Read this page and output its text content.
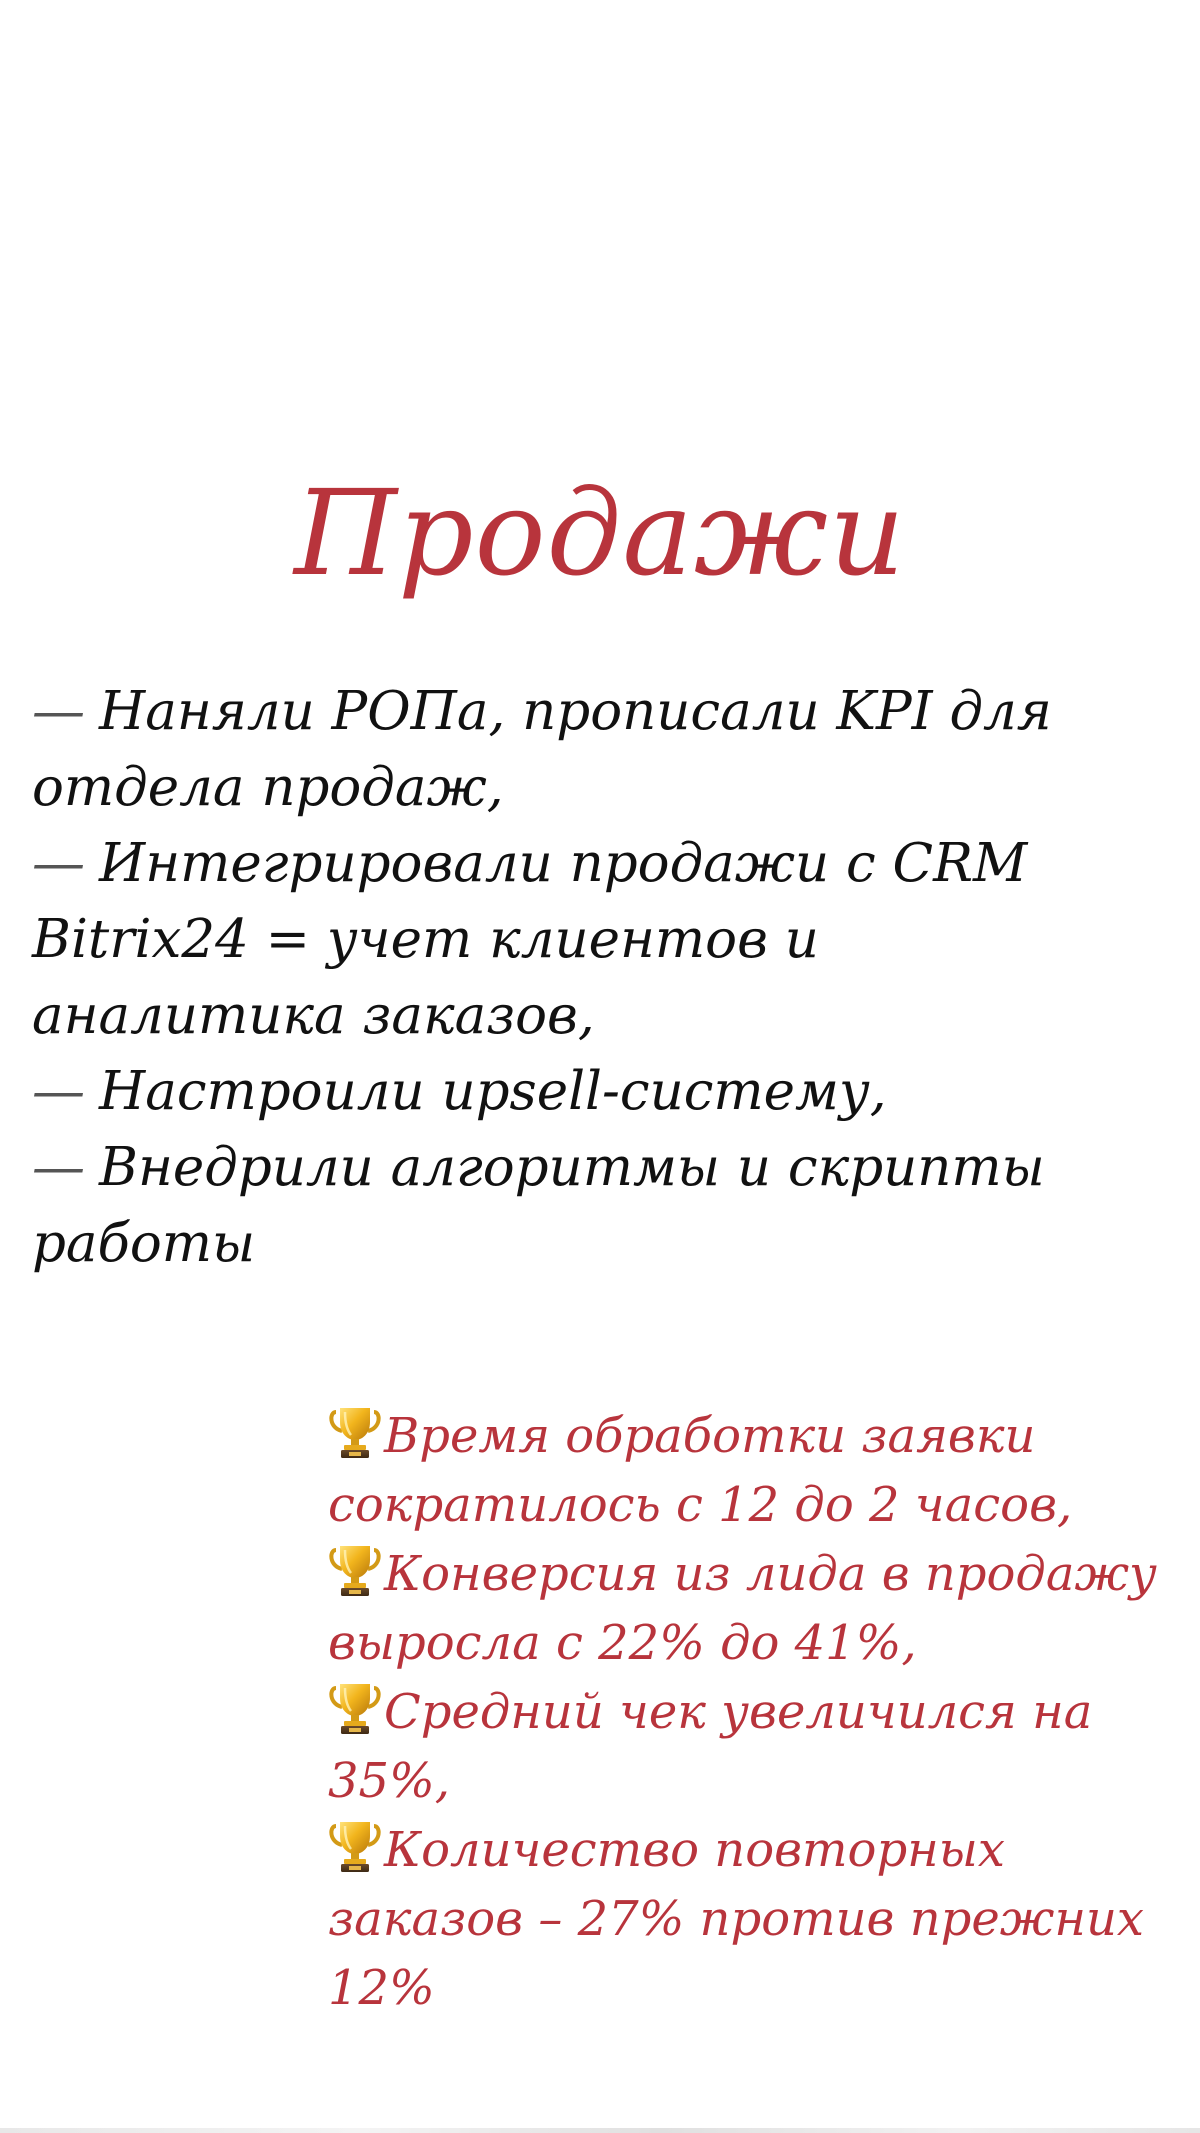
Продажи
— Наняли РОПа, прописали KPI для отдела продаж,
— Интегрировали продажи с CRM Bitrix24 = учет клиентов и аналитика заказов,
— Настроили upsell-систему,
— Внедрили алгоритмы и скрипты работы
Время обработки заявки сократилось с 12 до 2 часов,
Конверсия из лида в продажу выросла с 22% до 41%,
Средний чек увеличился на 35%,
Количество повторных заказов – 27% против прежних 12%
